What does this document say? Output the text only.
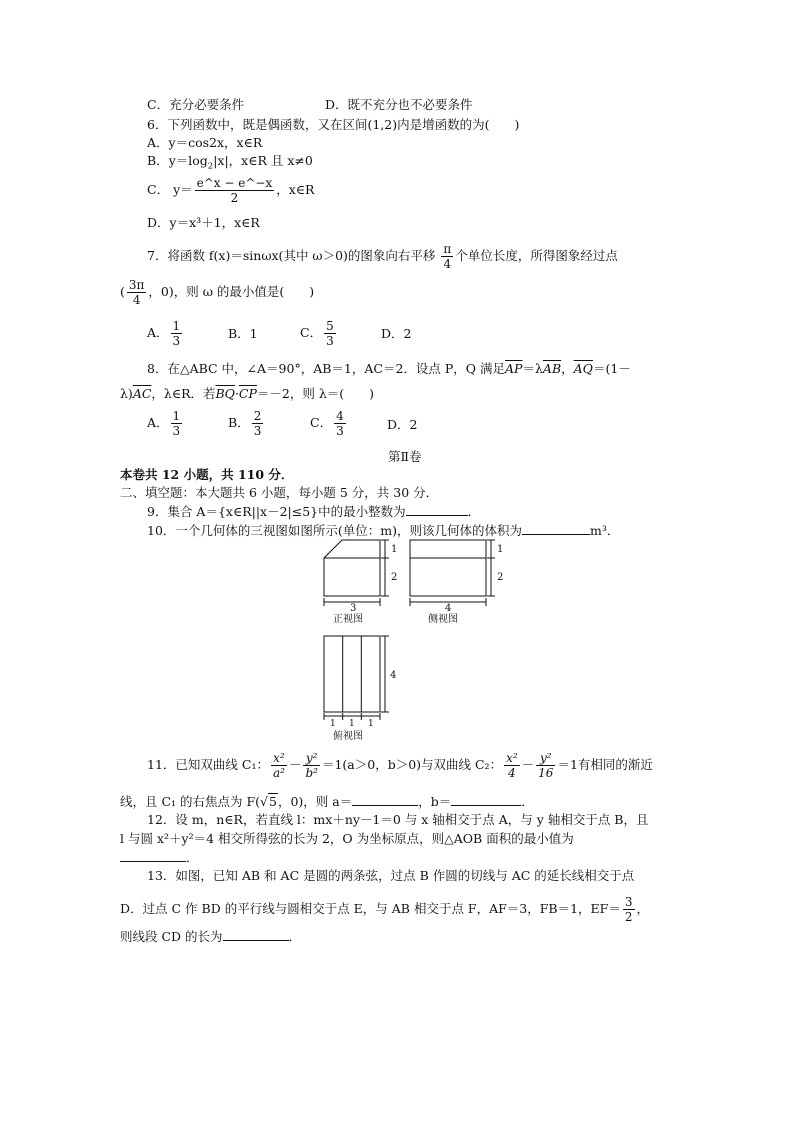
C．充分必要条件	D．既不充分也不必要条件
6．下列函数中，既是偶函数，又在区间(1,2)内是增函数的为(　　)
A．y＝cos2x，x∈R
B．$y=\log_2|x|$，x∈R 且 x≠0
C． $y= \frac{e\^{}x - e\^{}-x}{2}$ ，x∈R
D．y＝x³＋1，x∈R
7．将函数 f(x)＝sinωx(其中 ω＞0)的图象向右平移 $\frac{\pi}{4}$ 个单位长度，所得图象经过点
( $\frac{3\pi}{4}$ ，0)，则 ω 的最小值是(　　)
A． $\frac{1}{3}$	B．1	C． $\frac{5}{3}$	D．2
8．在△ABC 中，∠A＝90°，AB＝1，AC＝2．设点 P，Q 满足$\overline{AP}=\lambda\overline{AB}$，$\overline{AQ}=(1-$
$\lambda)\overline{AC}$，λ∈R．若$\overline{BQ}\cdot\overline{CP}=-2$，则 λ＝(　　)
A． $\frac{1}{3}$	B． $\frac{2}{3}$	C． $\frac{4}{3}$	D．2
第Ⅱ卷
本卷共 12 小题，共 110 分．
二、填空题：本大题共 6 小题，每小题 5 分，共 30 分．
9．集合 A＝{x∈R||x－2|≤5}中的最小整数为	．
10．一个几何体的三视图如图所示(单位：m)，则该几何体的体积为	m³．
3
1
2
4
1
2
4
1 1 1
正视图	侧视图
俯视图
11．已知双曲线 C₁： $\frac{\text{x²}}{\text{a²}} - \frac{\text{y²}}{\text{b²}} =1(a>0$，b＞0)与双曲线 C₂： $\frac{\text{x²}}{4} - \frac{\text{y²}}{16} =1$有相同的渐近
线，且 C₁ 的右焦点为 F(√5，0)，则 a＝	，b＝	．
12．设 m，n∈R，若直线 l：mx＋ny－1＝0 与 x 轴相交于点 A，与 y 轴相交于点 B，且
l 与圆 x²＋y²＝4 相交所得弦的长为 2，O 为坐标原点，则△AOB 面积的最小值为
．
13．如图，已知 AB 和 AC 是圆的两条弦，过点 B 作圆的切线与 AC 的延长线相交于点
D．过点 C 作 BD 的平行线与圆相交于点 E，与 AB 相交于点 F，AF＝3，FB＝1，$EF= \frac{3}{2}$ ，
则线段 CD 的长为	．
